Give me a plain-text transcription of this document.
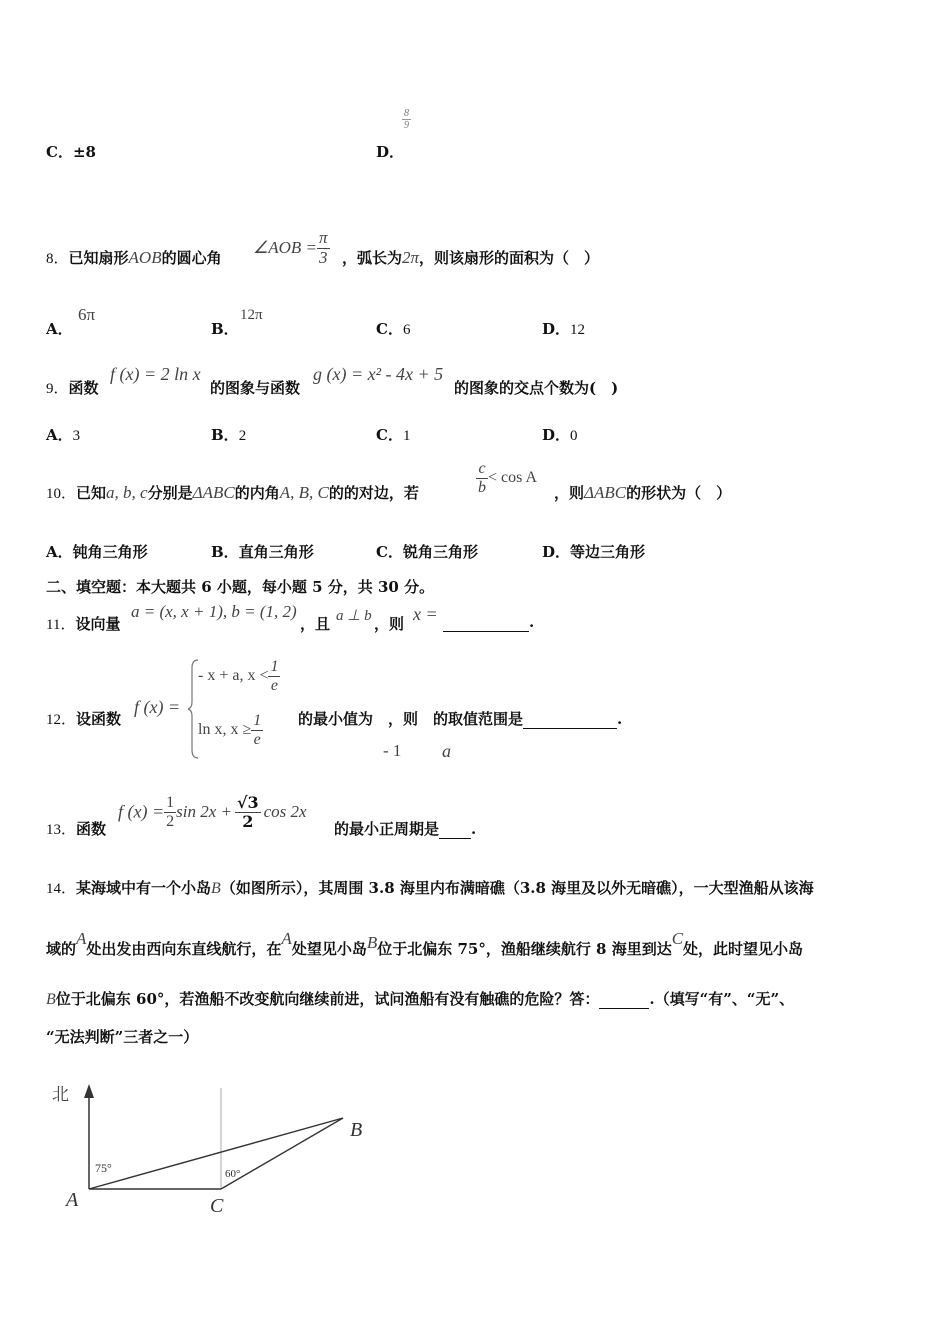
C．±8	D．
$\frac{8}{9}$
8．已知扇形AOB的圆心角
∠AOB = $\frac{\pi}{3}$ ，弧长为2π，则该扇形的面积为（　）
A．
6π
B．
12π
C．6	D．12
9．函数
f (x) = 2 ln x
的图象与函数
g (x) = x² - 4x + 5
的图象的交点个数为(　)
A．3	B．2	C．1	D．0
10．已知a, b, c分别是ΔABC的内角A, B, C的的对边，若	$\frac{c}{b} < \cos A$
，则ΔABC的形状为（　）
A．钝角三角形	B．直角三角形	C．锐角三角形	D．等边三角形
二、填空题：本大题共 6 小题，每小题 5 分，共 30 分。
11．设向量
a = (x, x + 1), b = (1, 2)
，且 a ⊥ b ，则 x =	.
12．设函数
f (x) =
- x + a, $x < \frac{1}{e}$
ln x, $x \ge \frac{1}{e}$ 的最小值为　，则　的取值范围是	.
- 1 a
13．函数
f $(x) = \frac{1}{2}$ $\sin 2x + \frac{√3}{2}$ cos 2x
的最小正周期是 .
14．某海域中有一个小岛B（如图所示），其周围 3.8 海里内布满暗礁（3.8 海里及以外无暗礁），一大型渔船从该海
域的A处出发由西向东直线航行，在A处望见小岛B位于北偏东 75°，渔船继续航行 8 海里到达C处，此时望见小岛
B位于北偏东 60°，若渔船不改变航向继续前进，试问渔船有没有触礁的危险？答：	.（填写“有”、“无”、
“无法判断”三者之一）
北
75°	60°
A
B
C
